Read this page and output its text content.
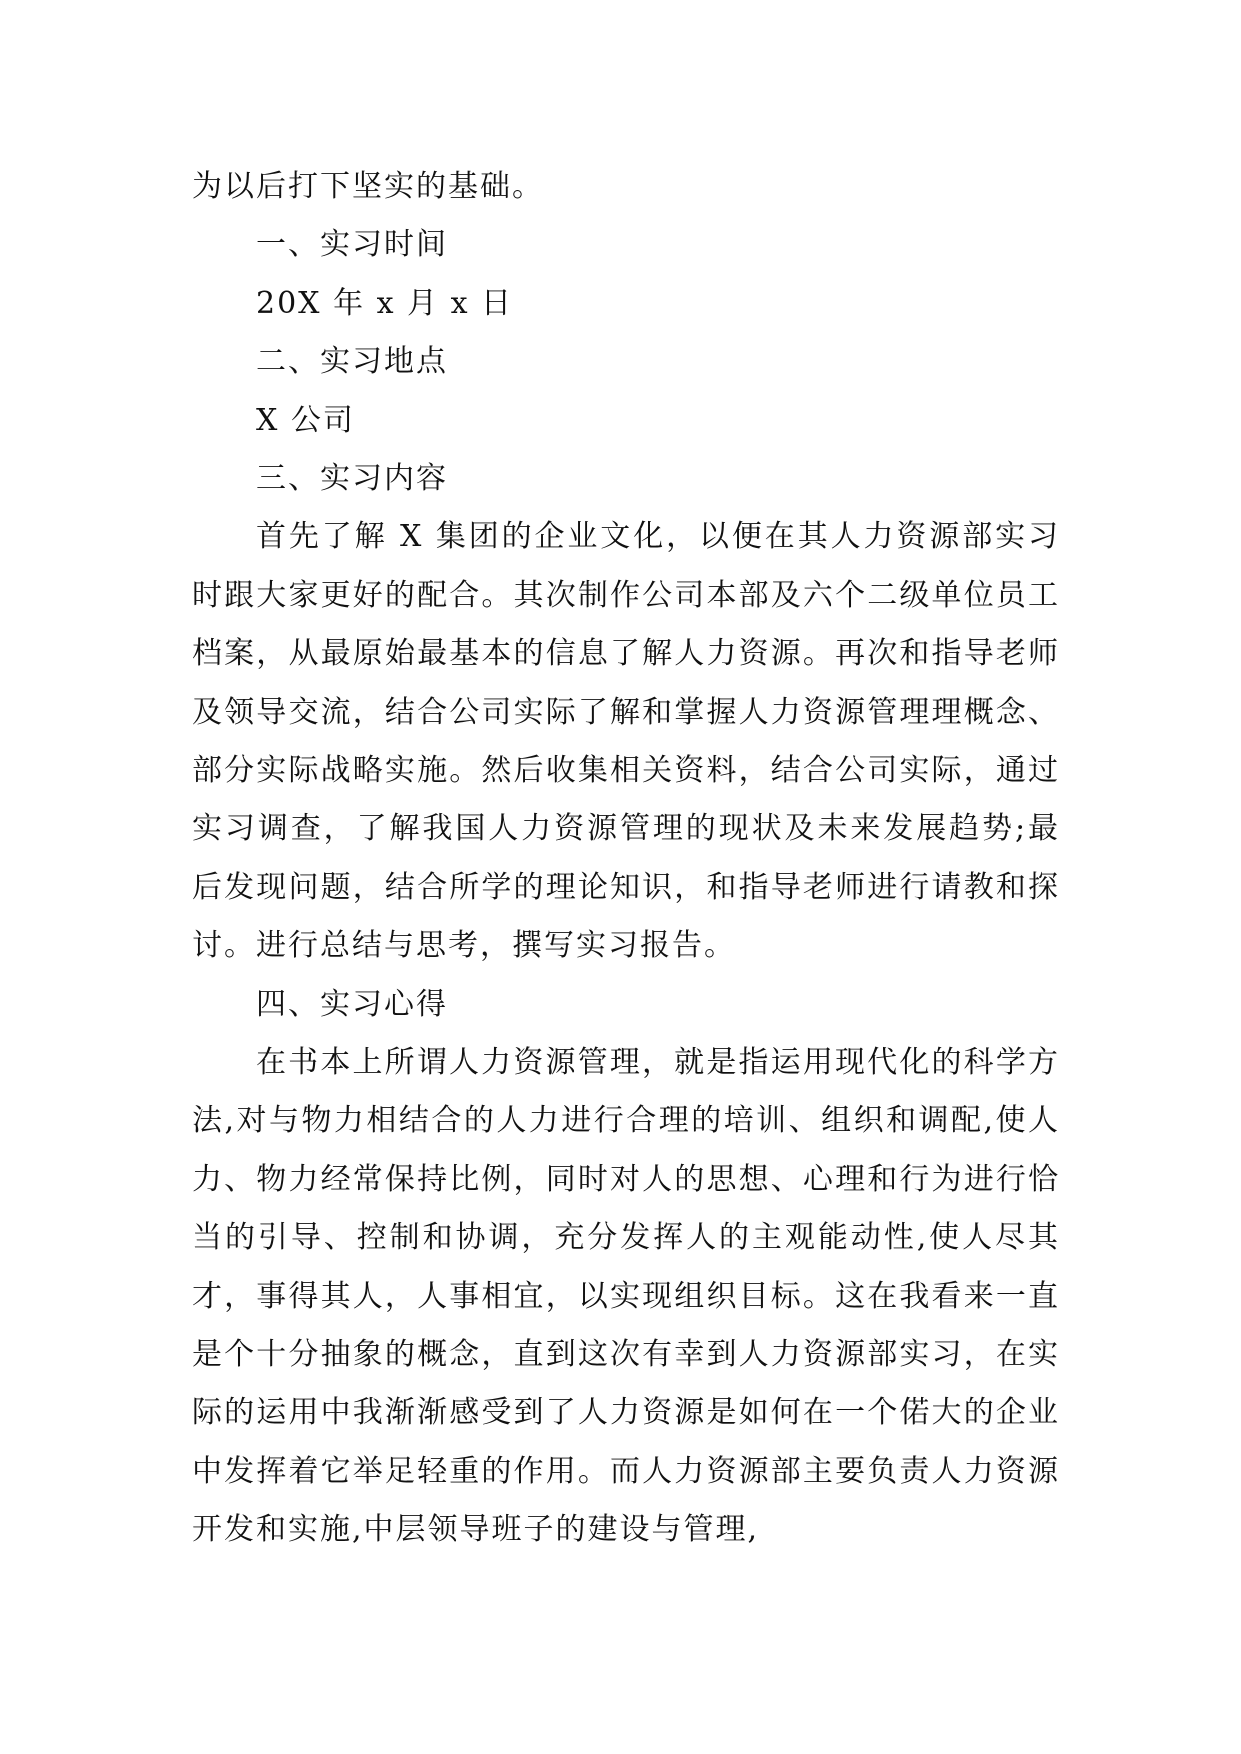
为以后打下坚实的基础。

一、实习时间

20X 年 x 月 x 日

二、实习地点

X 公司

三、实习内容

首先了解 X 集团的企业文化，以便在其人力资源部实习时跟大家更好的配合。其次制作公司本部及六个二级单位员工档案，从最原始最基本的信息了解人力资源。再次和指导老师及领导交流，结合公司实际了解和掌握人力资源管理理概念、部分实际战略实施。然后收集相关资料，结合公司实际，通过实习调查，了解我国人力资源管理的现状及未来发展趋势;最后发现问题，结合所学的理论知识，和指导老师进行请教和探讨。进行总结与思考，撰写实习报告。

四、实习心得

在书本上所谓人力资源管理，就是指运用现代化的科学方法,对与物力相结合的人力进行合理的培训、组织和调配,使人力、物力经常保持比例，同时对人的思想、心理和行为进行恰当的引导、控制和协调，充分发挥人的主观能动性,使人尽其才，事得其人，人事相宜，以实现组织目标。这在我看来一直是个十分抽象的概念，直到这次有幸到人力资源部实习，在实际的运用中我渐渐感受到了人力资源是如何在一个偌大的企业中发挥着它举足轻重的作用。而人力资源部主要负责人力资源开发和实施,中层领导班子的建设与管理,
